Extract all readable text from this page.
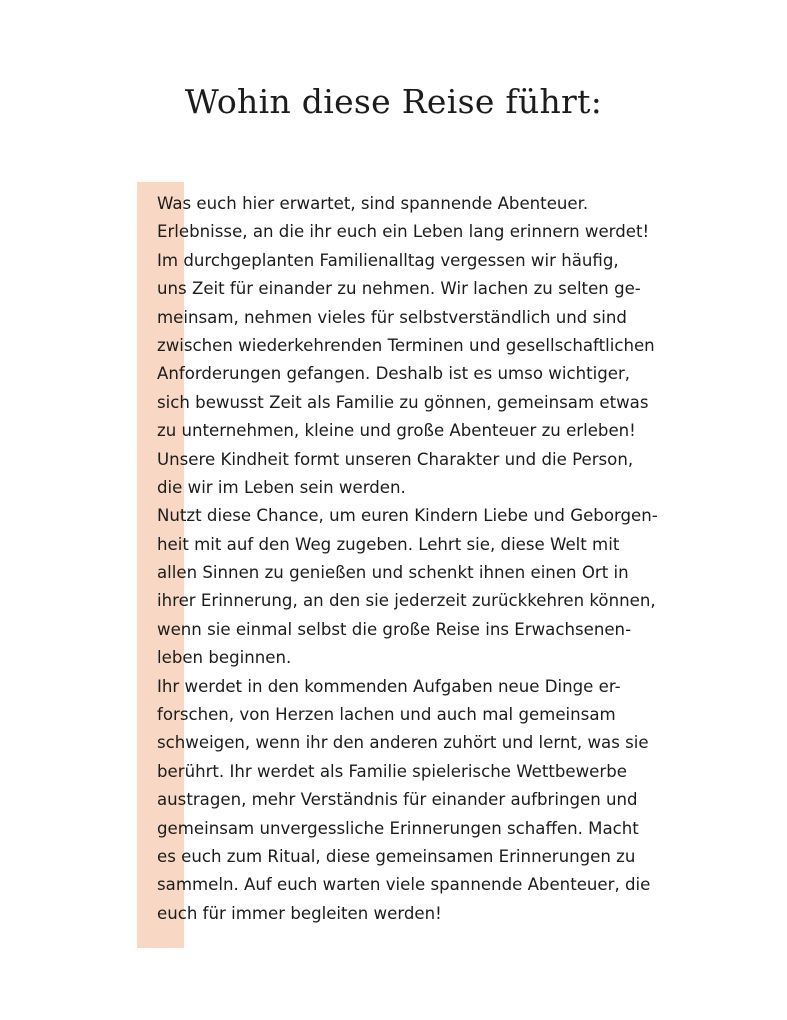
Wohin diese Reise führt:
Was euch hier erwartet, sind spannende Abenteuer.
Erlebnisse, an die ihr euch ein Leben lang erinnern werdet!
Im durchgeplanten Familienalltag vergessen wir häufig,
uns Zeit für einander zu nehmen. Wir lachen zu selten ge-
meinsam, nehmen vieles für selbstverständlich und sind
zwischen wiederkehrenden Terminen und gesellschaftlichen
Anforderungen gefangen. Deshalb ist es umso wichtiger,
sich bewusst Zeit als Familie zu gönnen, gemeinsam etwas
zu unternehmen, kleine und große Abenteuer zu erleben!
Unsere Kindheit formt unseren Charakter und die Person,
die wir im Leben sein werden.
Nutzt diese Chance, um euren Kindern Liebe und Geborgen-
heit mit auf den Weg zugeben. Lehrt sie, diese Welt mit
allen Sinnen zu genießen und schenkt ihnen einen Ort in
ihrer Erinnerung, an den sie jederzeit zurückkehren können,
wenn sie einmal selbst die große Reise ins Erwachsenen-
leben beginnen.
Ihr werdet in den kommenden Aufgaben neue Dinge er-
forschen, von Herzen lachen und auch mal gemeinsam
schweigen, wenn ihr den anderen zuhört und lernt, was sie
berührt. Ihr werdet als Familie spielerische Wettbewerbe
austragen, mehr Verständnis für einander aufbringen und
gemeinsam unvergessliche Erinnerungen schaffen. Macht
es euch zum Ritual, diese gemeinsamen Erinnerungen zu
sammeln. Auf euch warten viele spannende Abenteuer, die
euch für immer begleiten werden!
